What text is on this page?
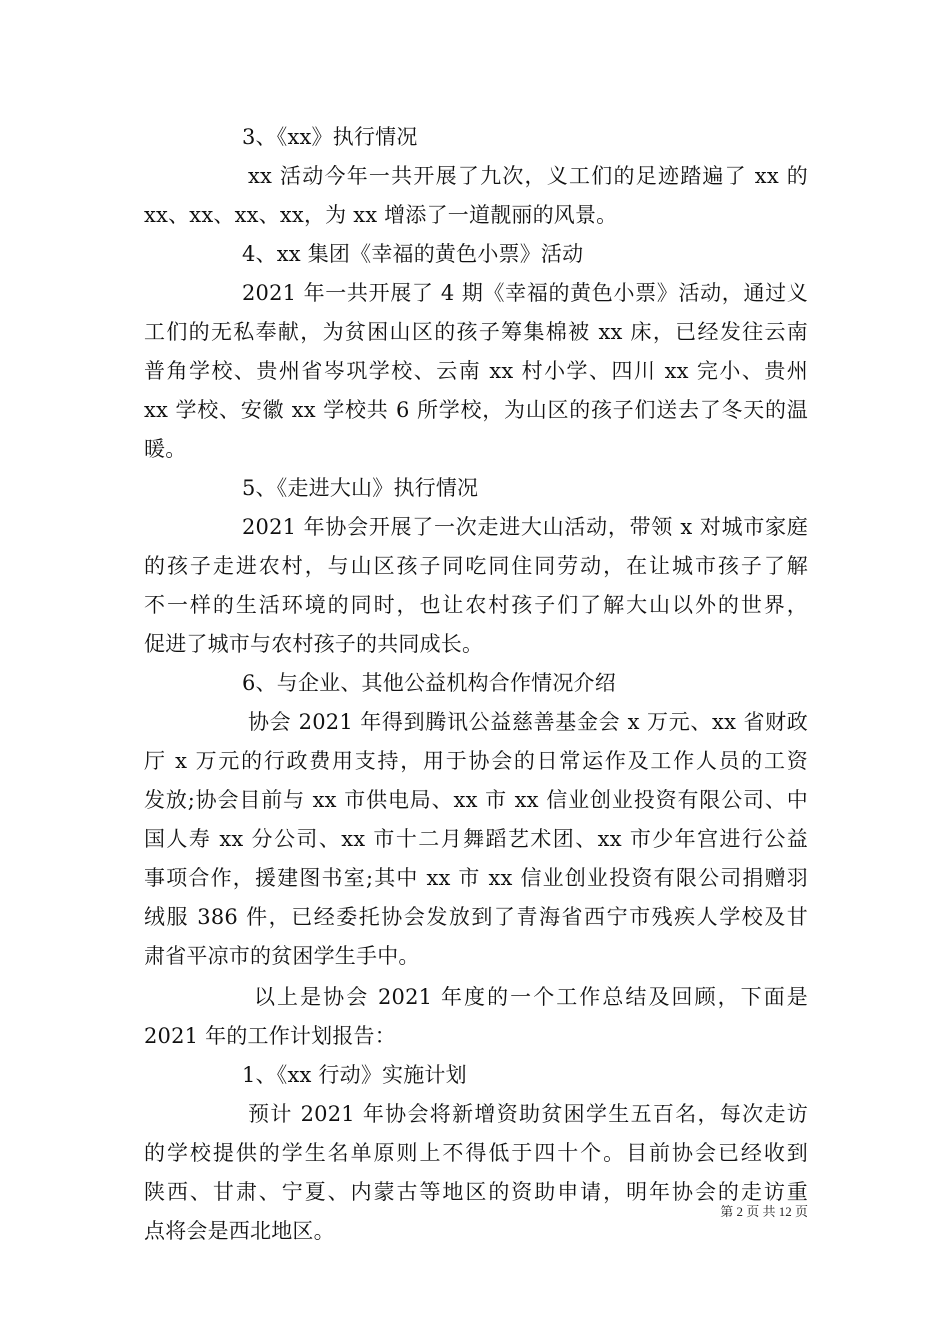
3、《xx》执行情况
xx 活动今年一共开展了九次，义工们的足迹踏遍了 xx 的
xx、xx、xx、xx，为 xx 增添了一道靓丽的风景。
4、xx 集团《幸福的黄色小票》活动
2021 年一共开展了 4 期《幸福的黄色小票》活动，通过义
工们的无私奉献，为贫困山区的孩子筹集棉被 xx 床，已经发往云南
普角学校、贵州省岑巩学校、云南 xx 村小学、四川 xx 完小、贵州
xx 学校、安徽 xx 学校共 6 所学校，为山区的孩子们送去了冬天的温
暖。
5、《走进大山》执行情况
2021 年协会开展了一次走进大山活动，带领 x 对城市家庭
的孩子走进农村，与山区孩子同吃同住同劳动，在让城市孩子了解
不一样的生活环境的同时，也让农村孩子们了解大山以外的世界，
促进了城市与农村孩子的共同成长。
6、与企业、其他公益机构合作情况介绍
协会 2021 年得到腾讯公益慈善基金会 x 万元、xx 省财政
厅 x 万元的行政费用支持，用于协会的日常运作及工作人员的工资
发放;协会目前与 xx 市供电局、xx 市 xx 信业创业投资有限公司、中
国人寿 xx 分公司、xx 市十二月舞蹈艺术团、xx 市少年宫进行公益
事项合作，援建图书室;其中 xx 市 xx 信业创业投资有限公司捐赠羽
绒服 386 件，已经委托协会发放到了青海省西宁市残疾人学校及甘
肃省平凉市的贫困学生手中。
以上是协会 2021 年度的一个工作总结及回顾，下面是
2021 年的工作计划报告：
1、《xx 行动》实施计划
预计 2021 年协会将新增资助贫困学生五百名，每次走访
的学校提供的学生名单原则上不得低于四十个。目前协会已经收到
陕西、甘肃、宁夏、内蒙古等地区的资助申请，明年协会的走访重
点将会是西北地区。
第 2 页 共 12 页
